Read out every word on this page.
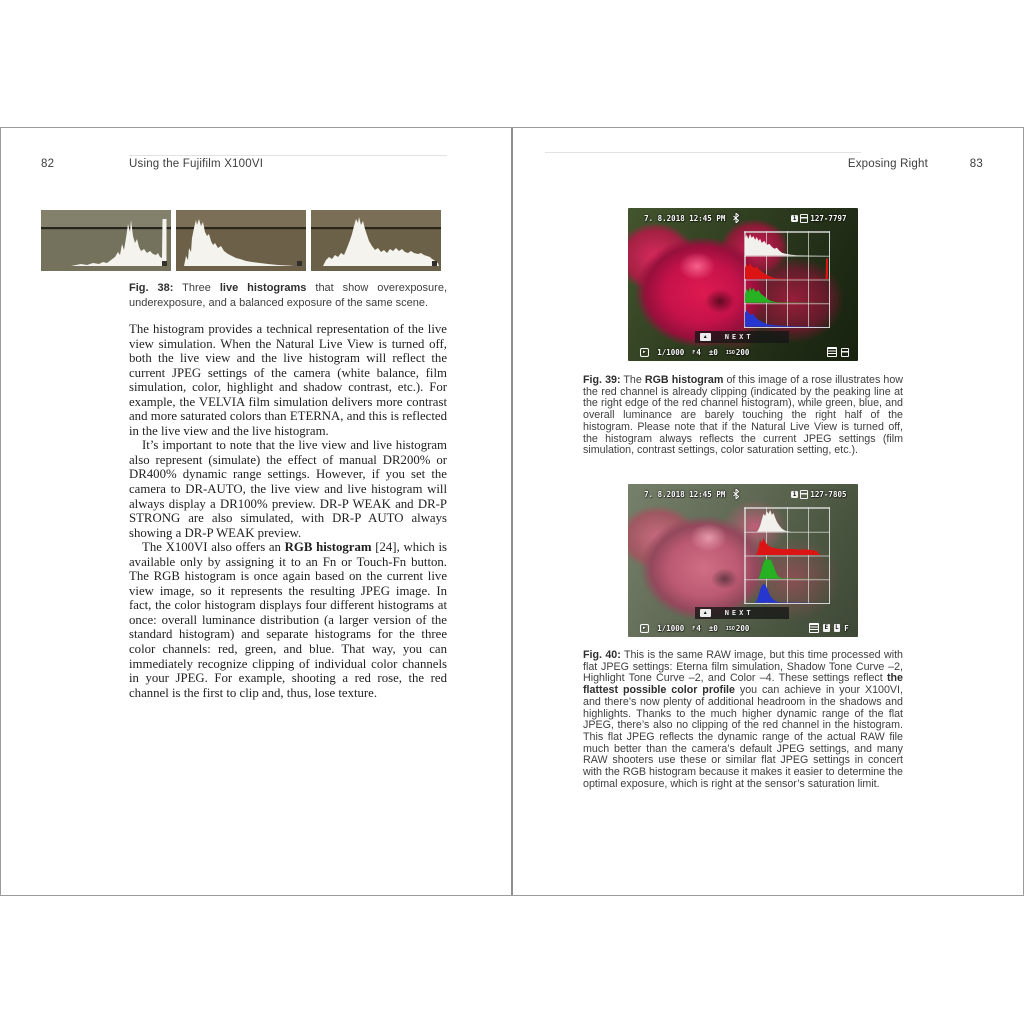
82	Using the Fujifilm X100VI

Fig. 38: Three live histograms that show overexposure, underexposure, and a balanced exposure of the same scene.

The histogram provides a technical representation of the live view simulation. When the Natural Live View is turned off, both the live view and the live histogram will reflect the current JPEG settings of the camera (white balance, film simulation, color, highlight and shadow contrast, etc.). For example, the VELVIA film simulation delivers more contrast and more saturated colors than ETERNA, and this is reflected in the live view and the live histogram.

It’s important to note that the live view and live histogram also represent (simulate) the effect of manual DR200% or DR400% dynamic range settings. However, if you set the camera to DR-AUTO, the live view and live histogram will always display a DR100% preview. DR-P WEAK and DR-P STRONG are also simulated, with DR-P AUTO always showing a DR-P WEAK preview.

The X100VI also offers an RGB histogram [24], which is available only by assigning it to an Fn or Touch-Fn button. The RGB histogram is once again based on the current live view image, so it represents the resulting JPEG image. In fact, the color histogram displays four different histograms at once: overall luminance distribution (a larger version of the standard histogram) and separate histograms for the three color channels: red, green, and blue. That way, you can immediately recognize clipping of individual color channels in your JPEG. For example, shooting a red rose, the red channel is the first to clip and, thus, lose texture.

Exposing Right	83
7. 8.2018 12:45 PM	1 127-7797
▲	NEXT
▶	1/1000 F4 ±0 ISO200

Fig. 39: The RGB histogram of this image of a rose illustrates how the red channel is already clipping (indicated by the peaking line at the right edge of the red channel histogram), while green, blue, and overall luminance are barely touching the right half of the histogram. Please note that if the Natural Live View is turned off, the histogram always reflects the current JPEG settings (film simulation, contrast settings, color saturation setting, etc.).

7. 8.2018 12:45 PM	1 127-7805
▲	NEXT
▶	1/1000 F4 ±0 ISO200	E L F

Fig. 40: This is the same RAW image, but this time processed with flat JPEG settings: Eterna film simulation, Shadow Tone Curve –2, Highlight Tone Curve –2, and Color –4. These settings reflect the flattest possible color profile you can achieve in your X100VI, and there’s now plenty of additional headroom in the shadows and highlights. Thanks to the much higher dynamic range of the flat JPEG, there’s also no clipping of the red channel in the histogram. This flat JPEG reflects the dynamic range of the actual RAW file much better than the camera’s default JPEG settings, and many RAW shooters use these or similar flat JPEG settings in concert with the RGB histogram because it makes it easier to determine the optimal exposure, which is right at the sensor’s saturation limit.
